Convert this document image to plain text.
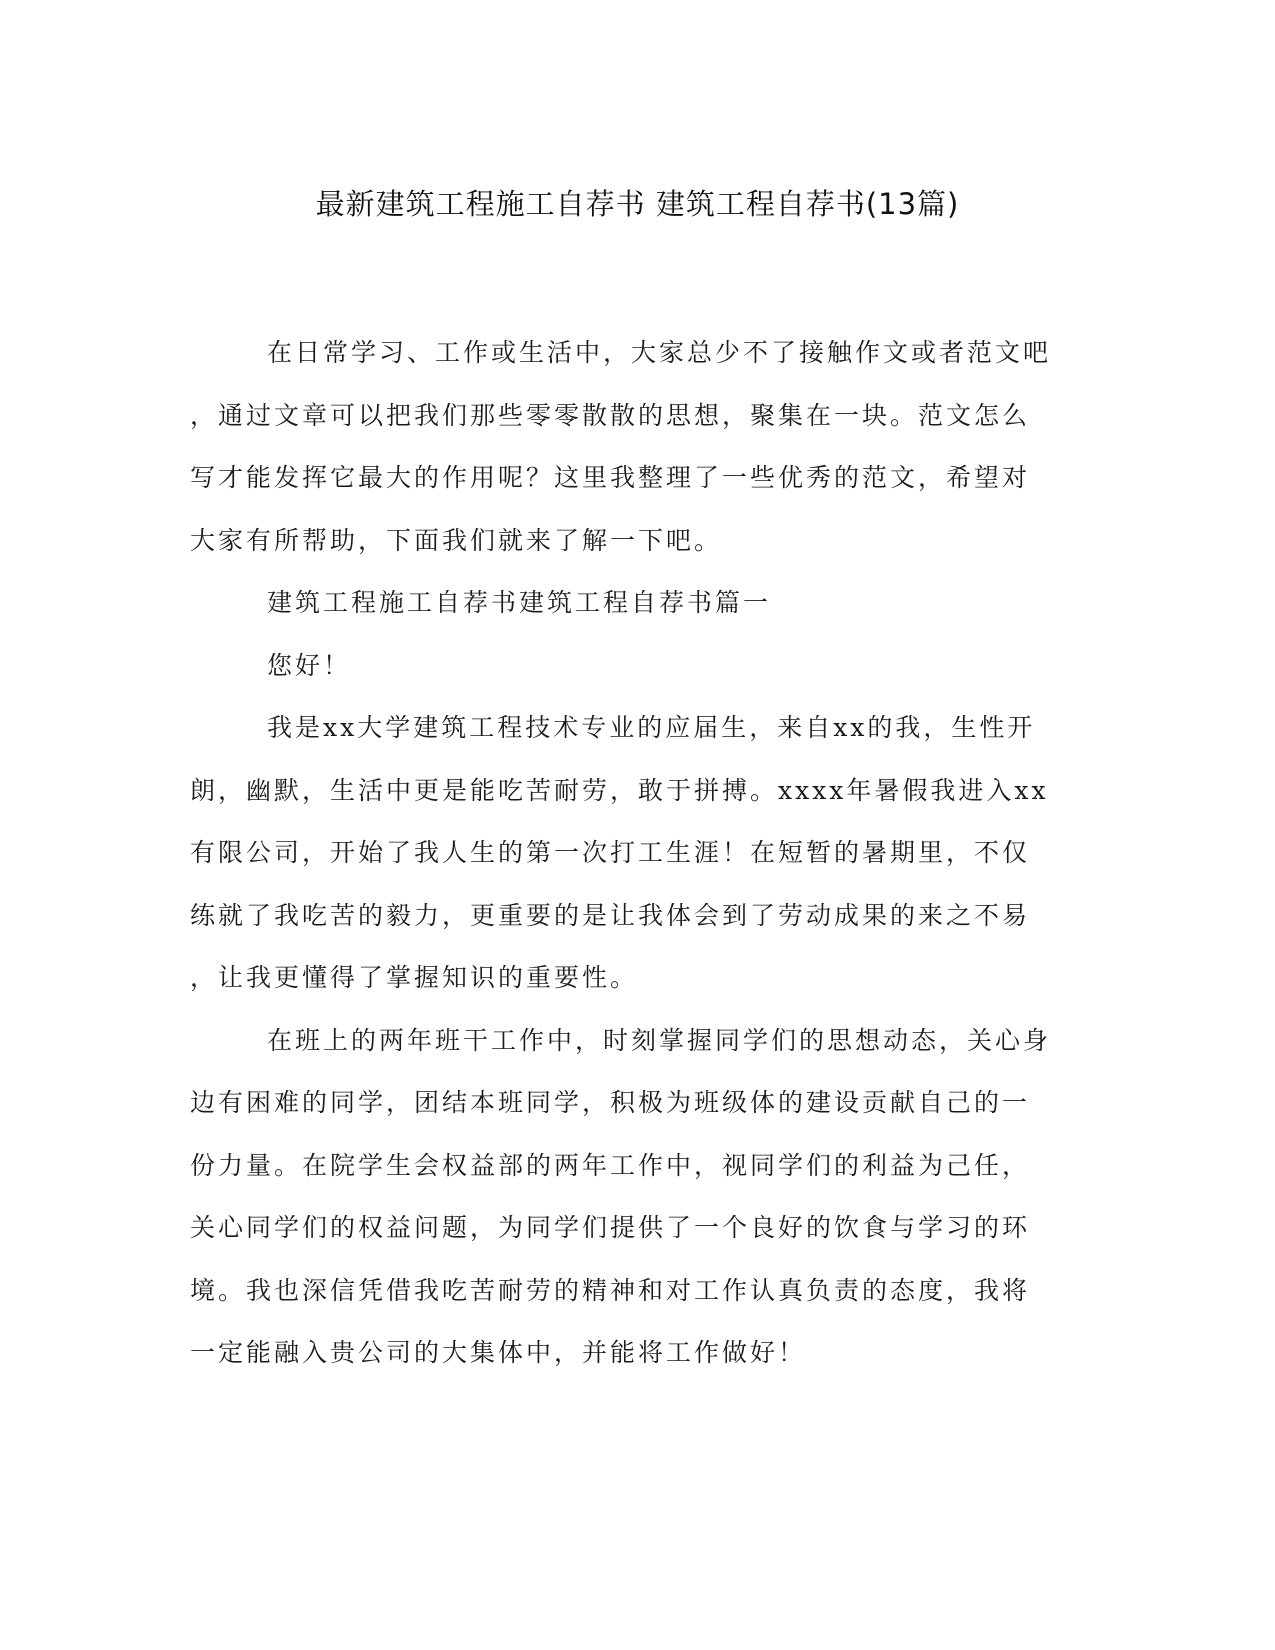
最新建筑工程施工自荐书 建筑工程自荐书(13篇)
在日常学习、工作或生活中，大家总少不了接触作文或者范文吧
，通过文章可以把我们那些零零散散的思想，聚集在一块。范文怎么
写才能发挥它最大的作用呢？这里我整理了一些优秀的范文，希望对
大家有所帮助，下面我们就来了解一下吧。
建筑工程施工自荐书建筑工程自荐书篇一
您好！
我是xx大学建筑工程技术专业的应届生，来自xx的我，生性开
朗，幽默，生活中更是能吃苦耐劳，敢于拼搏。xxxx年暑假我进入xx
有限公司，开始了我人生的第一次打工生涯！在短暂的暑期里，不仅
练就了我吃苦的毅力，更重要的是让我体会到了劳动成果的来之不易
，让我更懂得了掌握知识的重要性。
在班上的两年班干工作中，时刻掌握同学们的思想动态，关心身
边有困难的同学，团结本班同学，积极为班级体的建设贡献自己的一
份力量。在院学生会权益部的两年工作中，视同学们的利益为己任，
关心同学们的权益问题，为同学们提供了一个良好的饮食与学习的环
境。我也深信凭借我吃苦耐劳的精神和对工作认真负责的态度，我将
一定能融入贵公司的大集体中，并能将工作做好！
